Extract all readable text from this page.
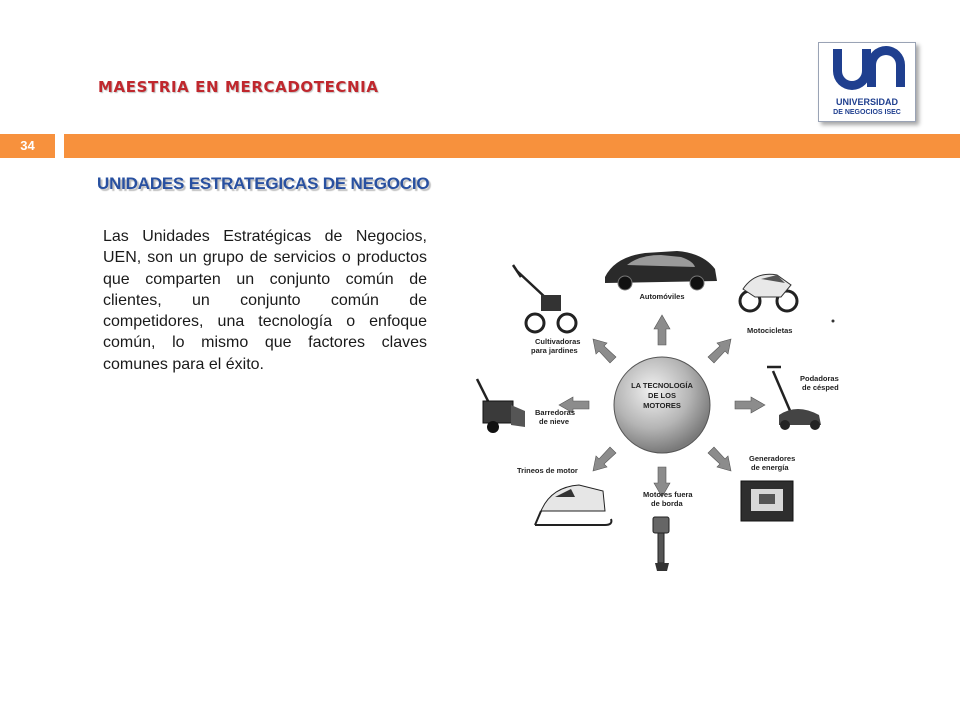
MAESTRIA EN MERCADOTECNIA
UNIVERSIDAD
DE NEGOCIOS ISEC
34
UNIDADES ESTRATEGICAS DE NEGOCIO
Las Unidades Estratégicas de Negocios, UEN, son un grupo de servicios o productos que comparten un conjunto común de clientes, un conjunto común de competidores, una tecnología o enfoque común, lo mismo que factores claves comunes para el éxito.
LA TECNOLOGÍA
DE LOS
MOTORES
Automóviles
Motocicletas
Podadoras
de césped
Generadores
de energía
Motores fuera
de borda
Trineos de motor
Barredoras
de nieve
Cultivadoras
para jardines
